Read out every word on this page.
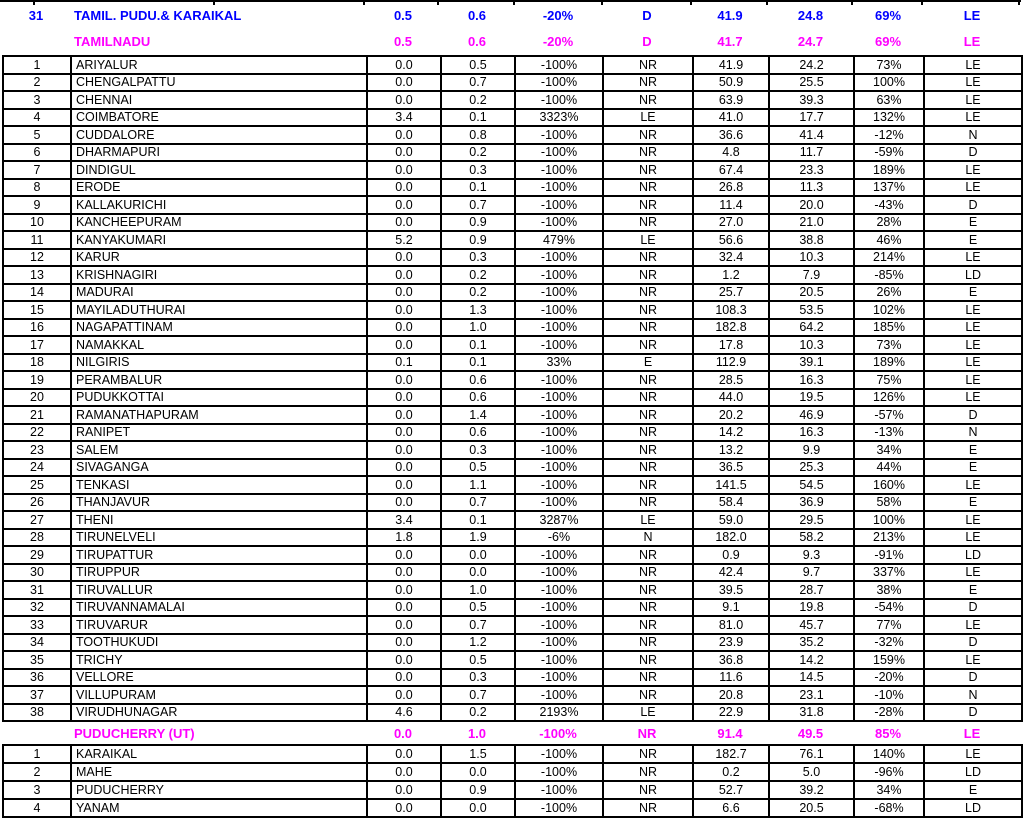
31	TAMIL. PUDU.& KARAIKAL	0.5	0.6	-20%	D	41.9	24.8	69%	LE
	TAMILNADU	0.5	0.6	-20%	D	41.7	24.7	69%	LE
1	ARIYALUR	0.0	0.5	-100%	NR	41.9	24.2	73%	LE
2	CHENGALPATTU	0.0	0.7	-100%	NR	50.9	25.5	100%	LE
3	CHENNAI	0.0	0.2	-100%	NR	63.9	39.3	63%	LE
4	COIMBATORE	3.4	0.1	3323%	LE	41.0	17.7	132%	LE
5	CUDDALORE	0.0	0.8	-100%	NR	36.6	41.4	-12%	N
6	DHARMAPURI	0.0	0.2	-100%	NR	4.8	11.7	-59%	D
7	DINDIGUL	0.0	0.3	-100%	NR	67.4	23.3	189%	LE
8	ERODE	0.0	0.1	-100%	NR	26.8	11.3	137%	LE
9	KALLAKURICHI	0.0	0.7	-100%	NR	11.4	20.0	-43%	D
10	KANCHEEPURAM	0.0	0.9	-100%	NR	27.0	21.0	28%	E
11	KANYAKUMARI	5.2	0.9	479%	LE	56.6	38.8	46%	E
12	KARUR	0.0	0.3	-100%	NR	32.4	10.3	214%	LE
13	KRISHNAGIRI	0.0	0.2	-100%	NR	1.2	7.9	-85%	LD
14	MADURAI	0.0	0.2	-100%	NR	25.7	20.5	26%	E
15	MAYILADUTHURAI	0.0	1.3	-100%	NR	108.3	53.5	102%	LE
16	NAGAPATTINAM	0.0	1.0	-100%	NR	182.8	64.2	185%	LE
17	NAMAKKAL	0.0	0.1	-100%	NR	17.8	10.3	73%	LE
18	NILGIRIS	0.1	0.1	33%	E	112.9	39.1	189%	LE
19	PERAMBALUR	0.0	0.6	-100%	NR	28.5	16.3	75%	LE
20	PUDUKKOTTAI	0.0	0.6	-100%	NR	44.0	19.5	126%	LE
21	RAMANATHAPURAM	0.0	1.4	-100%	NR	20.2	46.9	-57%	D
22	RANIPET	0.0	0.6	-100%	NR	14.2	16.3	-13%	N
23	SALEM	0.0	0.3	-100%	NR	13.2	9.9	34%	E
24	SIVAGANGA	0.0	0.5	-100%	NR	36.5	25.3	44%	E
25	TENKASI	0.0	1.1	-100%	NR	141.5	54.5	160%	LE
26	THANJAVUR	0.0	0.7	-100%	NR	58.4	36.9	58%	E
27	THENI	3.4	0.1	3287%	LE	59.0	29.5	100%	LE
28	TIRUNELVELI	1.8	1.9	-6%	N	182.0	58.2	213%	LE
29	TIRUPATTUR	0.0	0.0	-100%	NR	0.9	9.3	-91%	LD
30	TIRUPPUR	0.0	0.0	-100%	NR	42.4	9.7	337%	LE
31	TIRUVALLUR	0.0	1.0	-100%	NR	39.5	28.7	38%	E
32	TIRUVANNAMALAI	0.0	0.5	-100%	NR	9.1	19.8	-54%	D
33	TIRUVARUR	0.0	0.7	-100%	NR	81.0	45.7	77%	LE
34	TOOTHUKUDI	0.0	1.2	-100%	NR	23.9	35.2	-32%	D
35	TRICHY	0.0	0.5	-100%	NR	36.8	14.2	159%	LE
36	VELLORE	0.0	0.3	-100%	NR	11.6	14.5	-20%	D
37	VILLUPURAM	0.0	0.7	-100%	NR	20.8	23.1	-10%	N
38	VIRUDHUNAGAR	4.6	0.2	2193%	LE	22.9	31.8	-28%	D
	PUDUCHERRY (UT)	0.0	1.0	-100%	NR	91.4	49.5	85%	LE
1	KARAIKAL	0.0	1.5	-100%	NR	182.7	76.1	140%	LE
2	MAHE	0.0	0.0	-100%	NR	0.2	5.0	-96%	LD
3	PUDUCHERRY	0.0	0.9	-100%	NR	52.7	39.2	34%	E
4	YANAM	0.0	0.0	-100%	NR	6.6	20.5	-68%	LD
